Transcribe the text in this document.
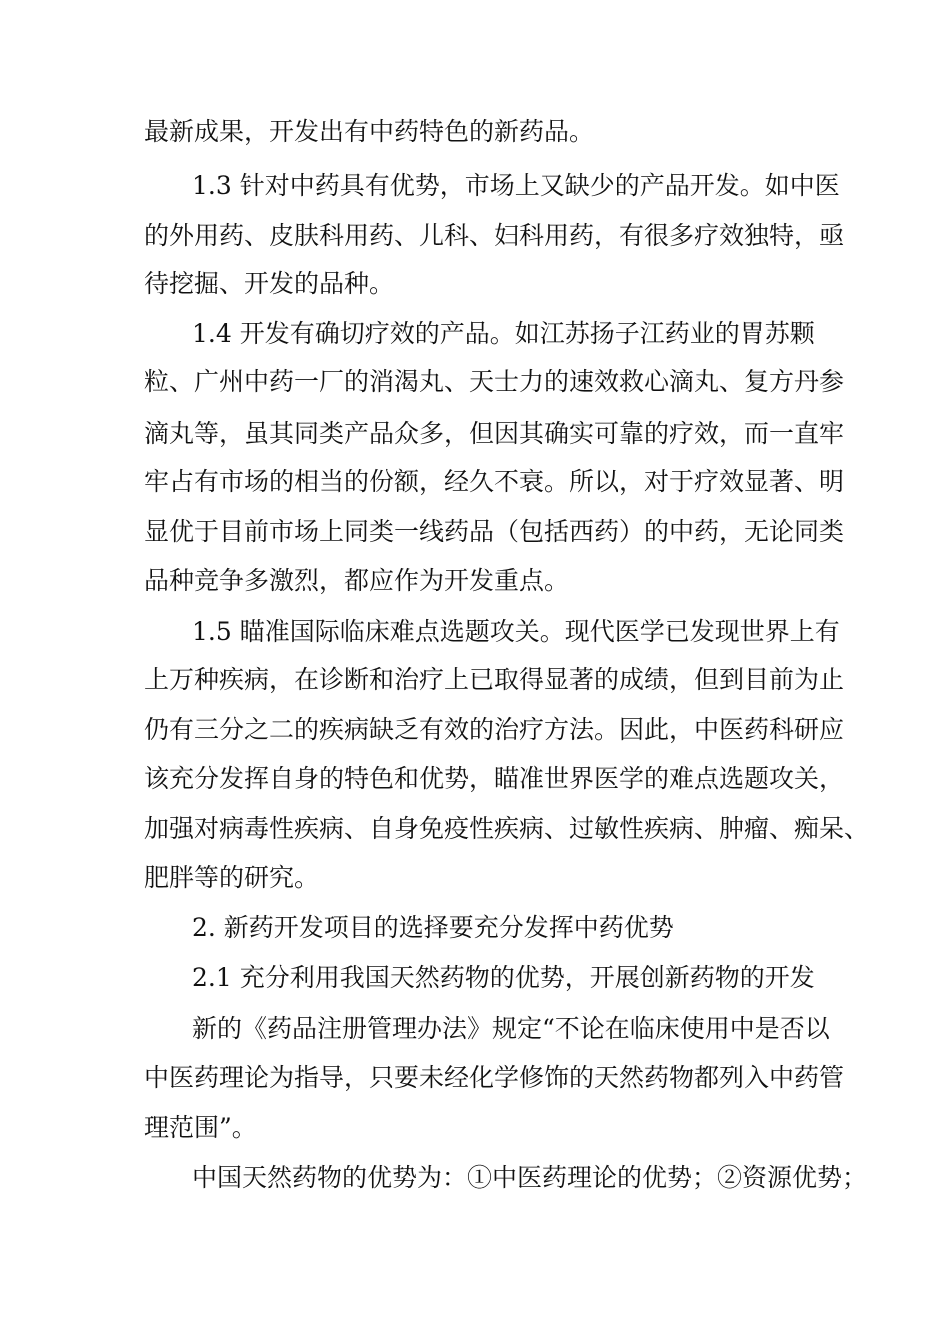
最新成果，开发出有中药特色的新药品。
1.3 针对中药具有优势，市场上又缺少的产品开发。如中医
的外用药、皮肤科用药、儿科、妇科用药，有很多疗效独特，亟
待挖掘、开发的品种。
1.4 开发有确切疗效的产品。如江苏扬子江药业的胃苏颗
粒、广州中药一厂的消渴丸、天士力的速效救心滴丸、复方丹参
滴丸等，虽其同类产品众多，但因其确实可靠的疗效，而一直牢
牢占有市场的相当的份额，经久不衰。所以，对于疗效显著、明
显优于目前市场上同类一线药品（包括西药）的中药，无论同类
品种竞争多激烈，都应作为开发重点。
1.5 瞄准国际临床难点选题攻关。现代医学已发现世界上有
上万种疾病，在诊断和治疗上已取得显著的成绩，但到目前为止
仍有三分之二的疾病缺乏有效的治疗方法。因此，中医药科研应
该充分发挥自身的特色和优势，瞄准世界医学的难点选题攻关，
加强对病毒性疾病、自身免疫性疾病、过敏性疾病、肿瘤、痴呆、
肥胖等的研究。
2. 新药开发项目的选择要充分发挥中药优势
2.1 充分利用我国天然药物的优势，开展创新药物的开发
新的《药品注册管理办法》规定“不论在临床使用中是否以
中医药理论为指导，只要未经化学修饰的天然药物都列入中药管
理范围”。
中国天然药物的优势为：①中医药理论的优势；②资源优势；
